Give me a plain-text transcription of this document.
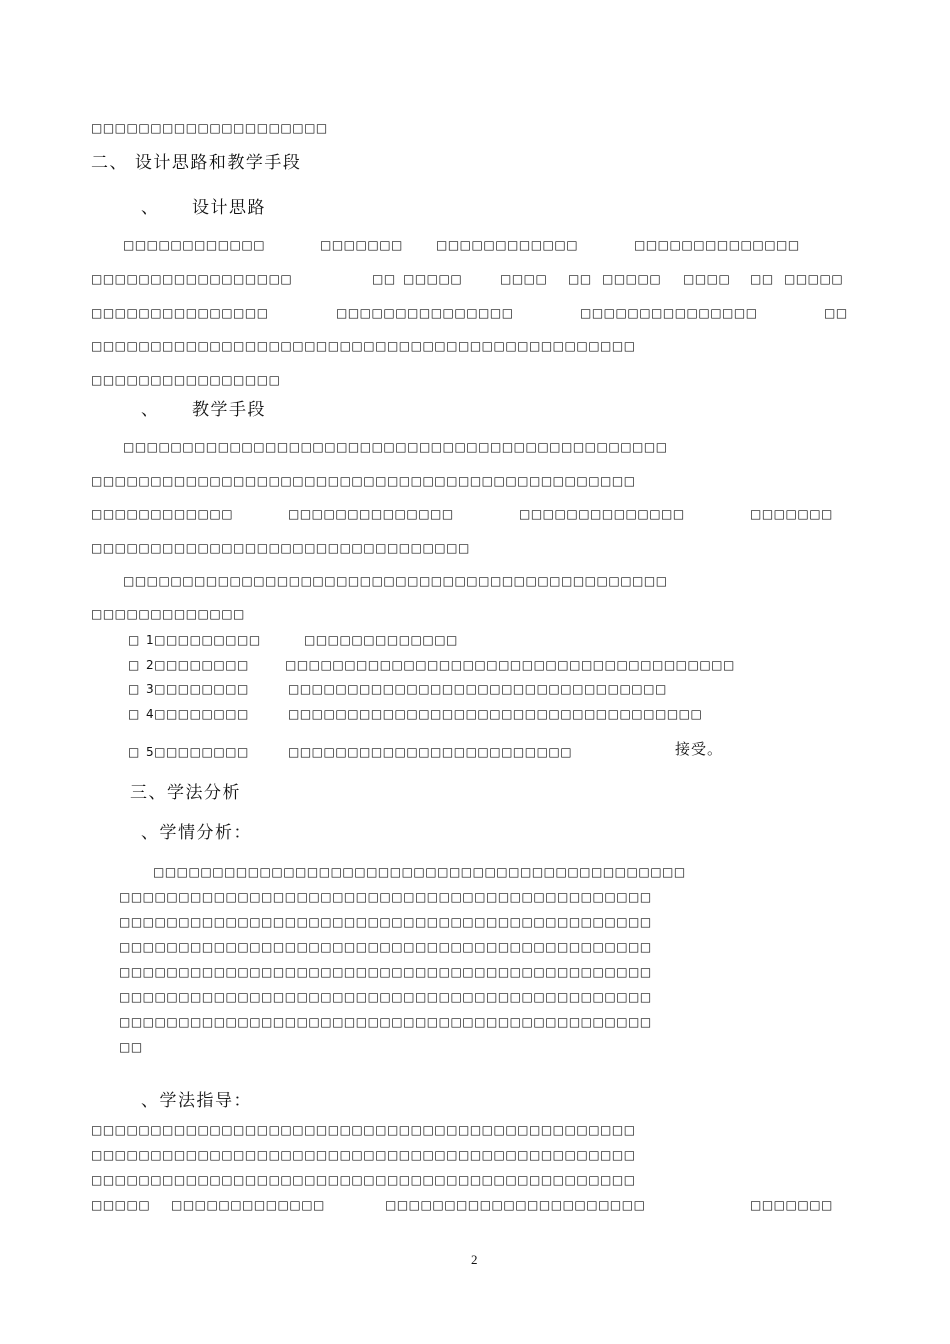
□□□□□□□□□□□□□□□□□□□□
二、 设计思路和教学手段
、 设计思路
□□□□□□□□□□□□	□□□□□□□	□□□□□□□□□□□□	□□□□□□□□□□□□□□
□□□□□□□□□□□□□□□□□	□□ □□□□□	□□□□ □□ □□□□□ □□□□ □□ □□□□□
□□□□□□□□□□□□□□□	□□□□□□□□□□□□□□□	□□□□□□□□□□□□□□□	□□
□□□□□□□□□□□□□□□□□□□□□□□□□□□□□□□□□□□□□□□□□□□□□□
□□□□□□□□□□□□□□□□
、 教学手段
□□□□□□□□□□□□□□□□□□□□□□□□□□□□□□□□□□□□□□□□□□□□□□
□□□□□□□□□□□□□□□□□□□□□□□□□□□□□□□□□□□□□□□□□□□□□□
□□□□□□□□□□□□	□□□□□□□□□□□□□□	□□□□□□□□□□□□□□	□□□□□□□
□□□□□□□□□□□□□□□□□□□□□□□□□□□□□□□□
□□□□□□□□□□□□□□□□□□□□□□□□□□□□□□□□□□□□□□□□□□□□□□
□□□□□□□□□□□□□
□ 1□□□□□□□□□	□□□□□□□□□□□□□
□ 2□□□□□□□□	□□□□□□□□□□□□□□□□□□□□□□□□□□□□□□□□□□□□□□
□ 3□□□□□□□□	□□□□□□□□□□□□□□□□□□□□□□□□□□□□□□□□
□ 4□□□□□□□□	□□□□□□□□□□□□□□□□□□□□□□□□□□□□□□□□□□□
□ 5□□□□□□□□	□□□□□□□□□□□□□□□□□□□□□□□□	接受。
三、学法分析
、学情分析：
□□□□□□□□□□□□□□□□□□□□□□□□□□□□□□□□□□□□□□□□□□□□□
□□□□□□□□□□□□□□□□□□□□□□□□□□□□□□□□□□□□□□□□□□□□□
□□□□□□□□□□□□□□□□□□□□□□□□□□□□□□□□□□□□□□□□□□□□□
□□□□□□□□□□□□□□□□□□□□□□□□□□□□□□□□□□□□□□□□□□□□□
□□□□□□□□□□□□□□□□□□□□□□□□□□□□□□□□□□□□□□□□□□□□□
□□□□□□□□□□□□□□□□□□□□□□□□□□□□□□□□□□□□□□□□□□□□□
□□□□□□□□□□□□□□□□□□□□□□□□□□□□□□□□□□□□□□□□□□□□□
□□
、学法指导：
□□□□□□□□□□□□□□□□□□□□□□□□□□□□□□□□□□□□□□□□□□□□□□
□□□□□□□□□□□□□□□□□□□□□□□□□□□□□□□□□□□□□□□□□□□□□□
□□□□□□□□□□□□□□□□□□□□□□□□□□□□□□□□□□□□□□□□□□□□□□
□□□□□ □□□□□□□□□□□□□	□□□□□□□□□□□□□□□□□□□□□□	□□□□□□□
2
